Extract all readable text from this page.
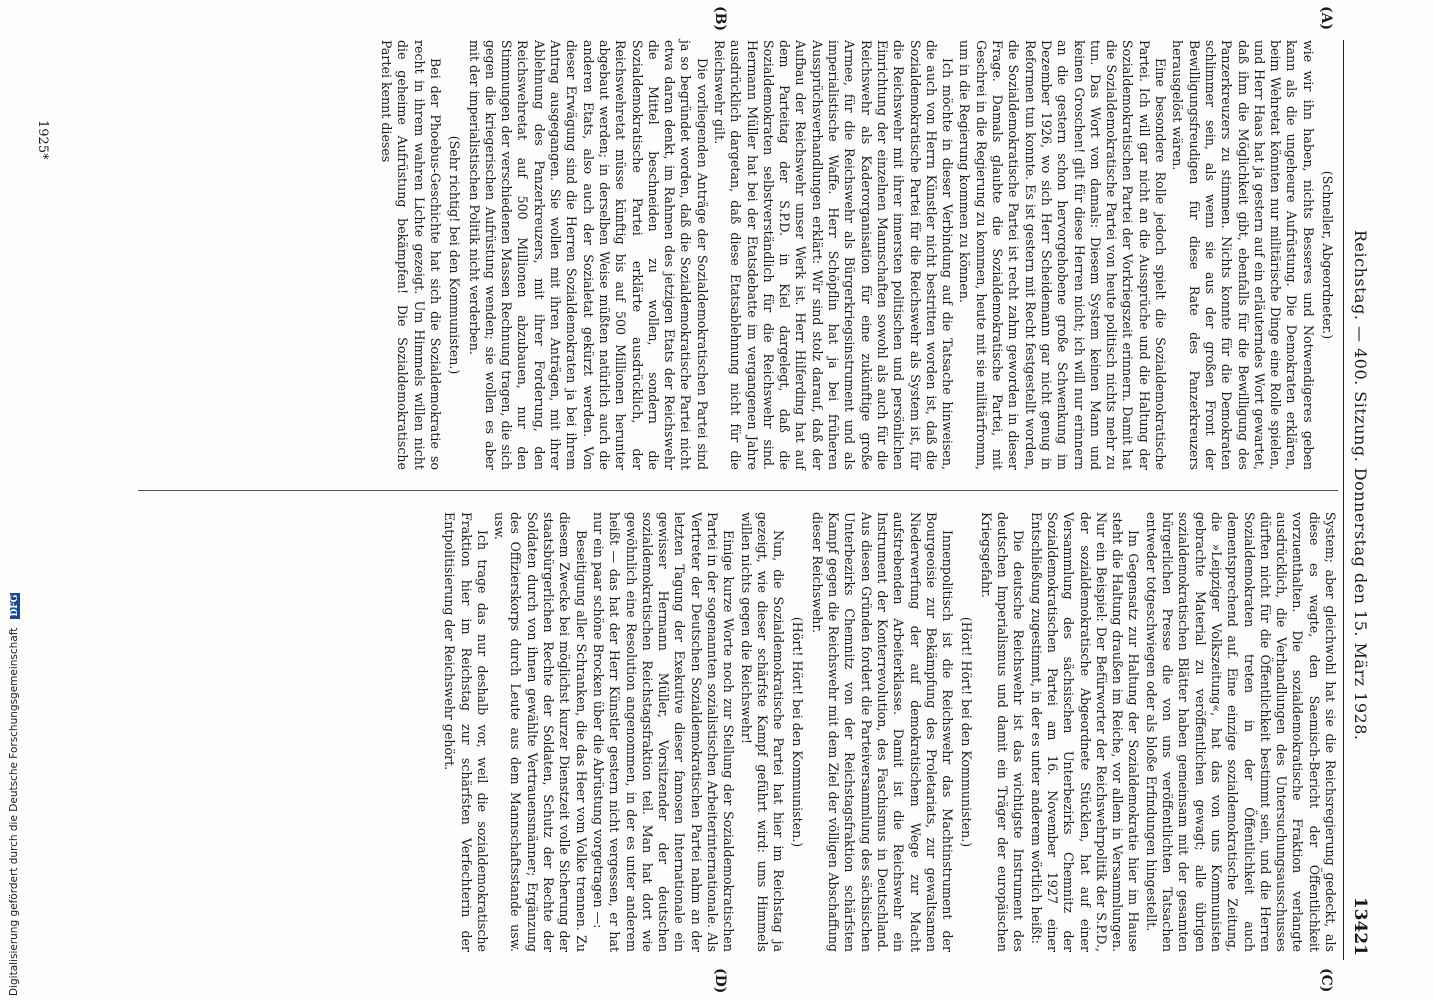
Reichstag. — 400. Sitzung. Donnerstag den 15. März 1928.
13421
(A)
(B)
(C)
(D)

(Schneller, Abgeordneter.)

wie wir ihn haben, nichts Besseres und Notwendigeres geben kann als die ungeheure Aufrüstung. Die Demokraten erklären, beim Wehretat könnten nur militärische Dinge eine Rolle spielen, und Herr Haas hat ja gestern auf ein erläuterndes Wort gewartet, daß ihm die Möglichkeit gibt, ebenfalls für die Bewilligung des Panzerkreuzers zu stimmen. Nichts konnte für die Demokraten schlimmer sein, als wenn sie aus der großen Front der Bewilligungsfreudigen für diese Rate des Panzerkreuzers herausgelöst wären.

Eine besondere Rolle jedoch spielt die Sozialdemokratische Partei. Ich will gar nicht an die Aussprüche und die Haltung der Sozialdemokratischen Partei der Vorkriegszeit erinnern. Damit hat die Sozialdemokratische Partei von heute politisch nichts mehr zu tun. Das Wort von damals: Diesem System keinen Mann und keinen Groschen! gilt für diese Herren nicht; ich will nur erinnern an die gestern schon hervorgehobene große Schwenkung im Dezember 1926, wo sich Herr Scheidemann gar nicht genug in Reformen tun konnte. Es ist gestern mit Recht festgestellt worden, die Sozialdemokratische Partei ist recht zahm geworden in dieser Frage. Damals glaubte die Sozialdemokratische Partei, mit Geschrei in die Regierung zu kommen, heute mit sie militärfromm, um in die Regierung kommen zu können.

Ich möchte in dieser Verbindung auf die Tatsache hinweisen, die auch von Herrn Künstler nicht bestritten worden ist, daß die Sozialdemokratische Partei für die Reichswehr als System ist, für die Reichswehr mit ihrer innersten politischen und persönlichen Einrichtung der einzelnen Mannschaften sowohl als auch für die Reichswehr als Kaderorganisation für eine zukünftige große Armee, für die Reichswehr als Bürgerkriegsinstrument und als imperialistische Waffe. Herr Schöpflin hat ja bei früheren Aussprüchsverhandlungen erklärt: Wir sind stolz darauf, daß der Aufbau der Reichswehr unser Werk ist. Herr Hilferding hat auf dem Parteitag der S.P.D. in Kiel dargelegt, daß die Sozialdemokraten selbstverständlich für die Reichswehr sind. Hermann Müller hat bei der Etatsdebatte im vergangenen Jahre ausdrücklich dargetan, daß diese Etatsablehnung nicht für die Reichswehr gilt.

Die vorliegenden Anträge der Sozialdemokratischen Partei sind ja so begründet worden, daß die Sozialdemokratische Partei nicht etwa daran denkt, im Rahmen des jetzigen Etats der Reichswehr die Mittel beschneiden zu wollen, sondern die Sozialdemokratische Partei erklärte ausdrücklich, der Reichswehretat müsse künftig bis auf 500 Millionen herunter abgebaut werden; in derselben Weise müßten natürlich auch die anderen Etats, also auch der Sozialetat gekürzt werden. Von dieser Erwägung sind die Herren Sozialdemokraten ja bei ihrem Antrag ausgegangen. Sie wollen mit ihren Anträgen, mit ihrer Ablehnung des Panzerkreuzers, mit ihrer Forderung, den Reichswehretat auf 500 Millionen abzubauen, nur den Stimmungen der verschiedenen Massen Rechnung tragen, die sich gegen die kriegerischen Aufrüstung wenden; sie wollen es aber mit der imperialistischen Politik nicht verderben.

(Sehr richtig! bei den Kommunisten.)

Bei der Phoebus-Geschichte hat sich die Sozialdemokratie so recht in ihrem wahren Lichte gezeigt. Um Himmels willen nicht die geheime Aufrüstung bekämpfen! Die Sozialdemokratische Partei kennt dieses

System; aber gleichwohl hat sie die Reichsregierung gedeckt, als diese es wagte, den Saemisch-Bericht der Öffentlichkeit vorzuenthalten. Die sozialdemokratische Fraktion verlangte ausdrücklich, die Verhandlungen des Untersuchungsausschusses dürften nicht für die Öffentlichkeit bestimmt sein, und die Herren Sozialdemokraten treten in der Öffentlichkeit auch dementsprechend auf. Eine einzige sozialdemokratische Zeitung, die »Leipziger Volkszeitung«, hat das von uns Kommunisten gebrachte Material zu veröffentlichen gewagt; alle übrigen sozialdemokratischen Blätter haben gemeinsam mit der gesamten bürgerlichen Presse die von uns veröffentlichten Tatsachen entweder totgeschwiegen oder als bloße Erfindungen hingestellt.

Im Gegensatz zur Haltung der Sozialdemokratie hier im Hause steht die Haltung draußen im Reiche, vor allem in Versammlungen. Nur ein Beispiel: Der Befürworter der Reichswehrpolitik der S.P.D., der sozialdemokratische Abgeordnete Stücklen, hat auf einer Versammlung des sächsischen Unterbezirks Chemnitz der Sozialdemokratischen Partei am 16. November 1927 einer Entschließung zugestimmt, in der es unter anderem wörtlich heißt:

Die deutsche Reichswehr ist das wichtigste Instrument des deutschen Imperialismus und damit ein Träger der europäischen Kriegsgefahr.

(Hört! Hört! bei den Kommunisten.)

Innenpolitisch ist die Reichswehr das Machtinstrument der Bourgeoisie zur Bekämpfung des Proletariats, zur gewaltsamen Niederwerfung der auf demokratischem Wege zur Macht aufstrebenden Arbeiterklasse. Damit ist die Reichswehr ein Instrument der Konterrevolution, des Faschismus in Deutschland. Aus diesen Gründen fordert die Parteiversammlung des sächsischen Unterbezirks Chemnitz von der Reichstagsfraktion schärfsten Kampf gegen die Reichswehr mit dem Ziel der völligen Abschaffung dieser Reichswehr.

(Hört! Hört! bei den Kommunisten.)

Nun, die Sozialdemokratische Partei hat hier im Reichstag ja gezeigt, wie dieser schärfste Kampf geführt wird: ums Himmels willen nichts gegen die Reichswehr!

Einige kurze Worte noch zur Stellung der Sozialdemokratischen Partei in der sogenannten sozialistischen Arbeiterinternationale. Als Vertreter der Deutschen Sozialdemokratischen Partei nahm an der letzten Tagung der Exekutive dieser famosen Internationale ein gewisser Hermann Müller, Vorsitzender der deutschen sozialdemokratischen Reichstagsfraktion teil. Man hat dort wie gewöhnlich eine Resolution angenommen, in der es unter anderem heißt — das hat der Herr Künstler gestern nicht vergessen, er hat nur ein paar schöne Brocken über die Abrüstung vorgetragen —:

Beseitigung aller Schranken, die das Heer vom Volke trennen. Zu diesem Zwecke bei möglichst kurzer Dienstzeit volle Sicherung der staatsbürgerlichen Rechte der Soldaten, Schutz der Rechte der Soldaten durch von ihnen gewählte Vertrauensmänner; Ergänzung des Offizierskorps durch Leute aus dem Mannschaftsstande usw. usw.

Ich trage das nur deshalb vor, weil die sozialdemokratische Fraktion hier im Reichstag zur schärfsten Verfechterin der Entpolitisierung der Reichswehr gehört.

1925*
Digitalisierung gefördert durch die Deutsche Forschungsgemeinschaft DFG
